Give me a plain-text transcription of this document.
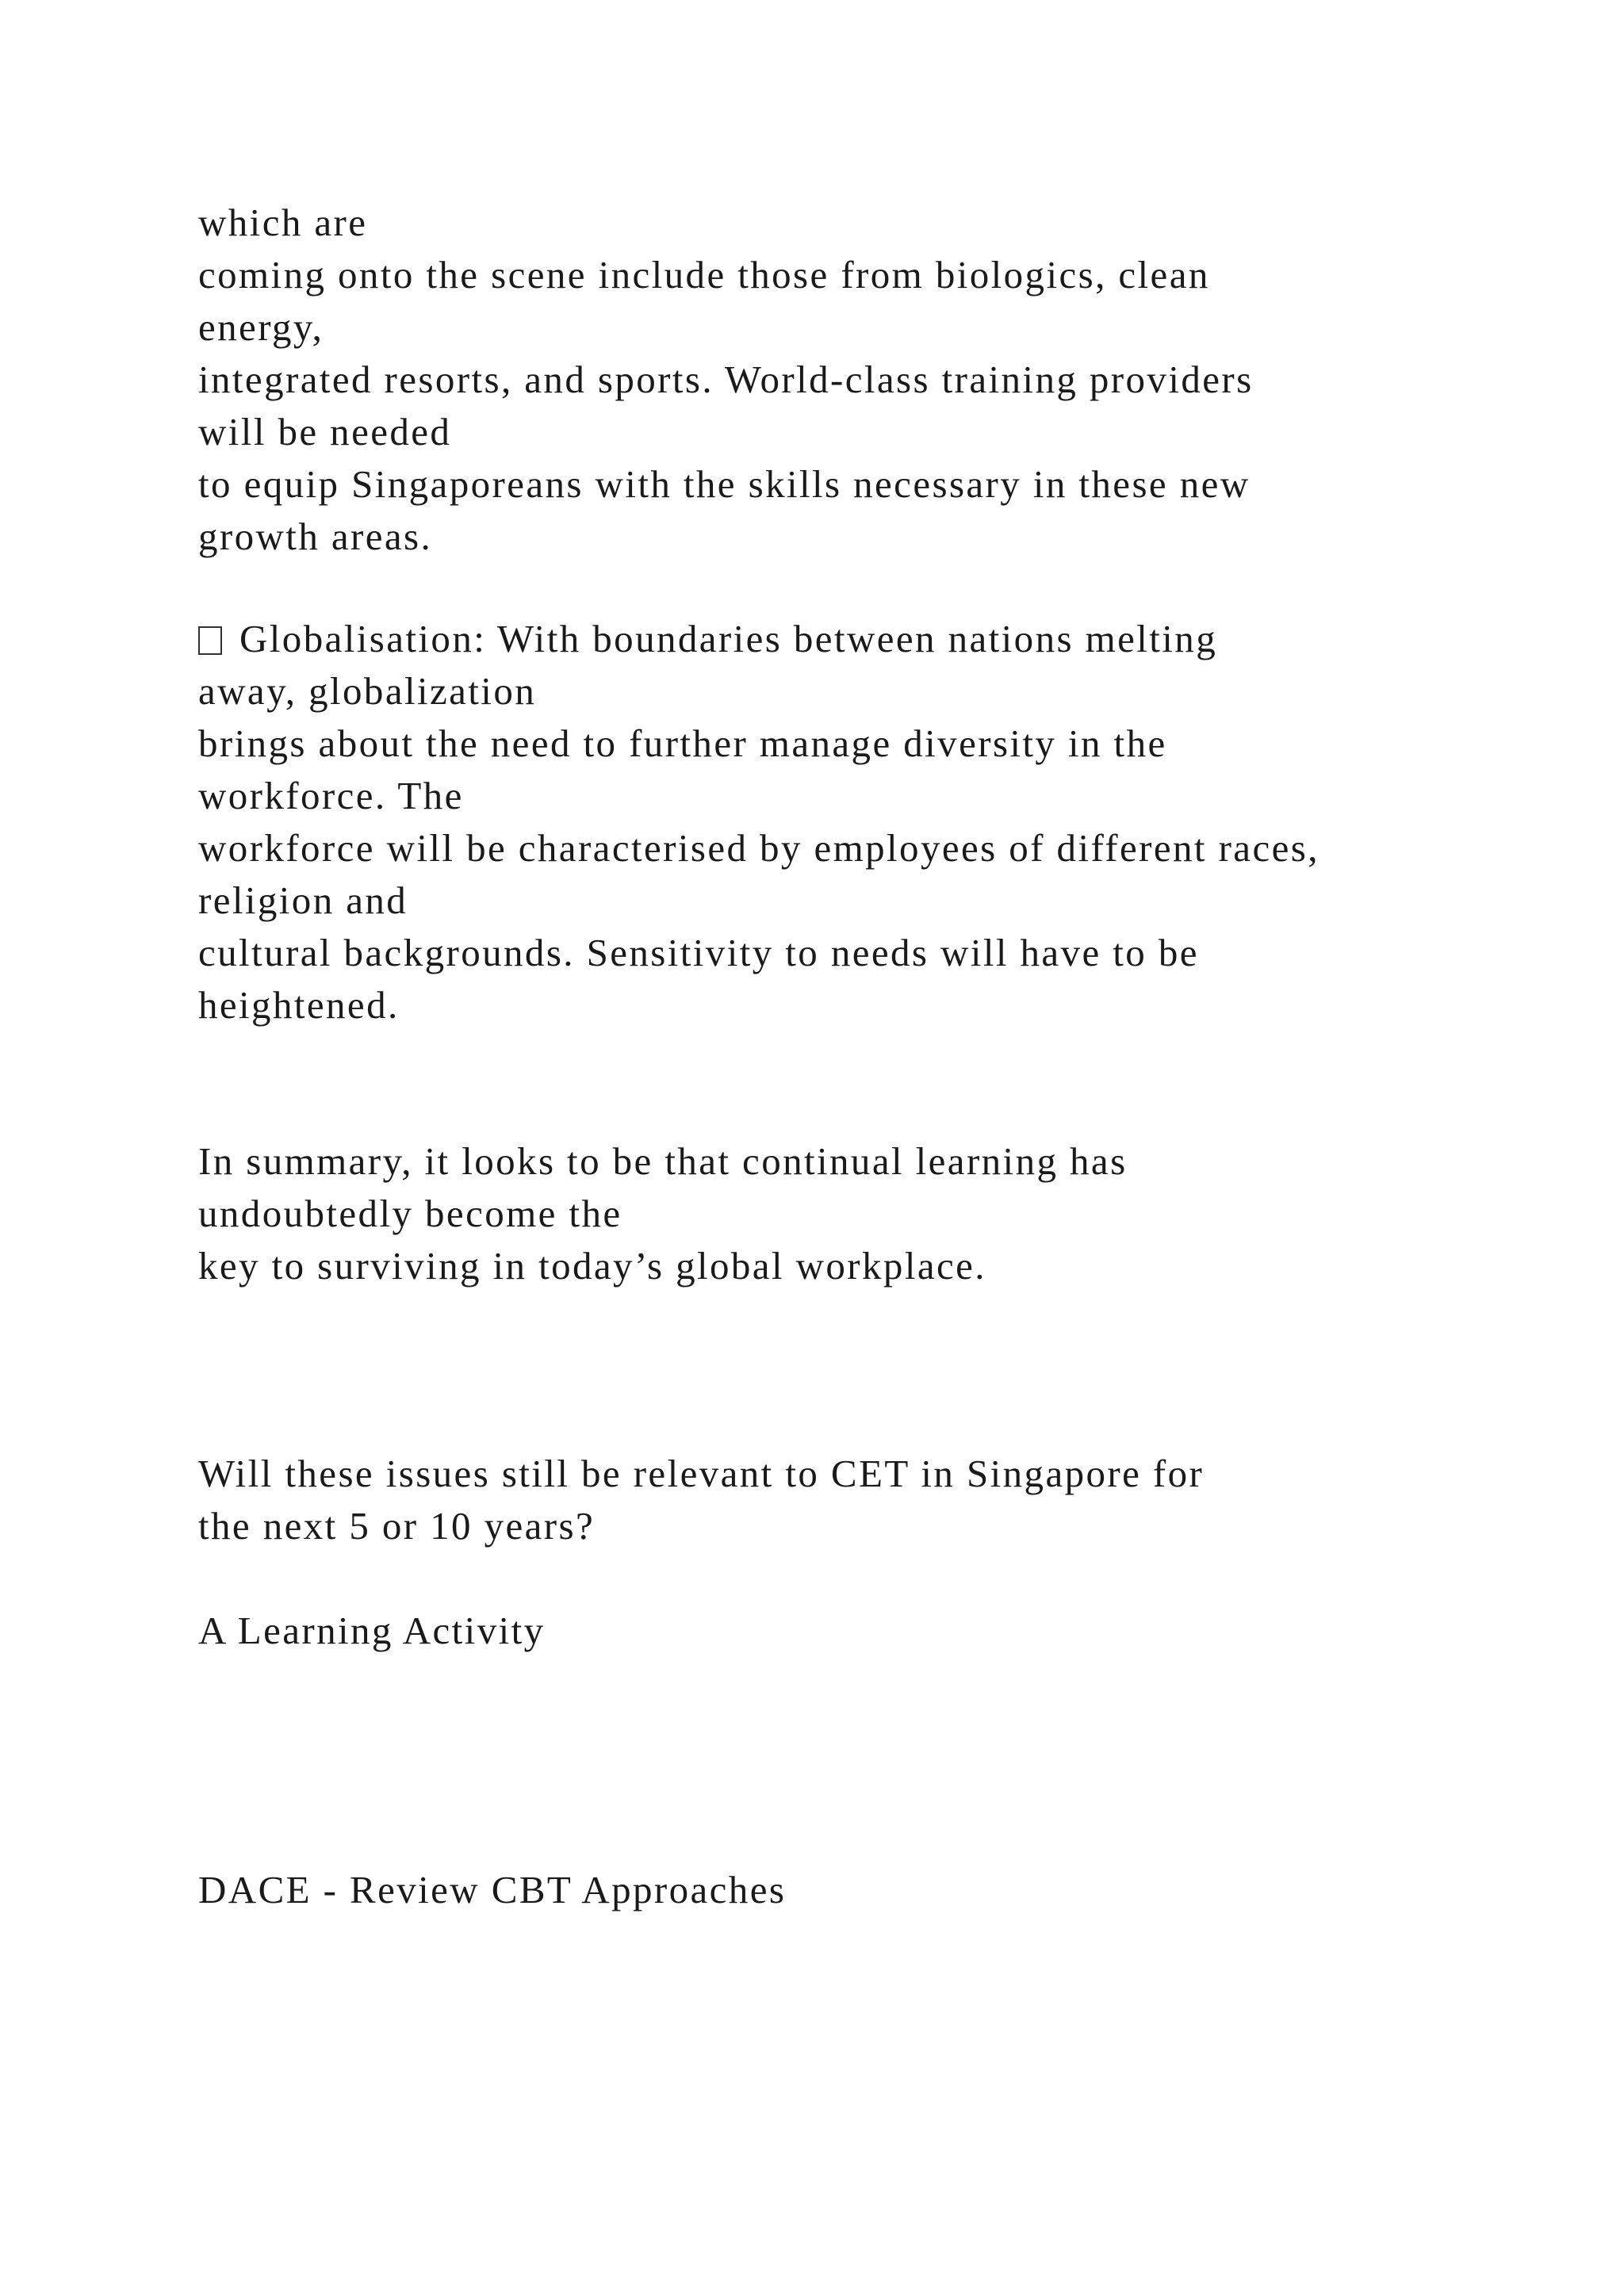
which are
coming onto the scene include those from biologics, clean
energy,
integrated resorts, and sports. World-class training providers
will be needed
to equip Singaporeans with the skills necessary in these new
growth areas.
Globalisation: With boundaries between nations melting
away, globalization
brings about the need to further manage diversity in the
workforce. The
workforce will be characterised by employees of different races,
religion and
cultural backgrounds. Sensitivity to needs will have to be
heightened.
In summary, it looks to be that continual learning has
undoubtedly become the
key to surviving in today’s global workplace.
Will these issues still be relevant to CET in Singapore for
the next 5 or 10 years?
A Learning Activity
DACE - Review CBT Approaches
